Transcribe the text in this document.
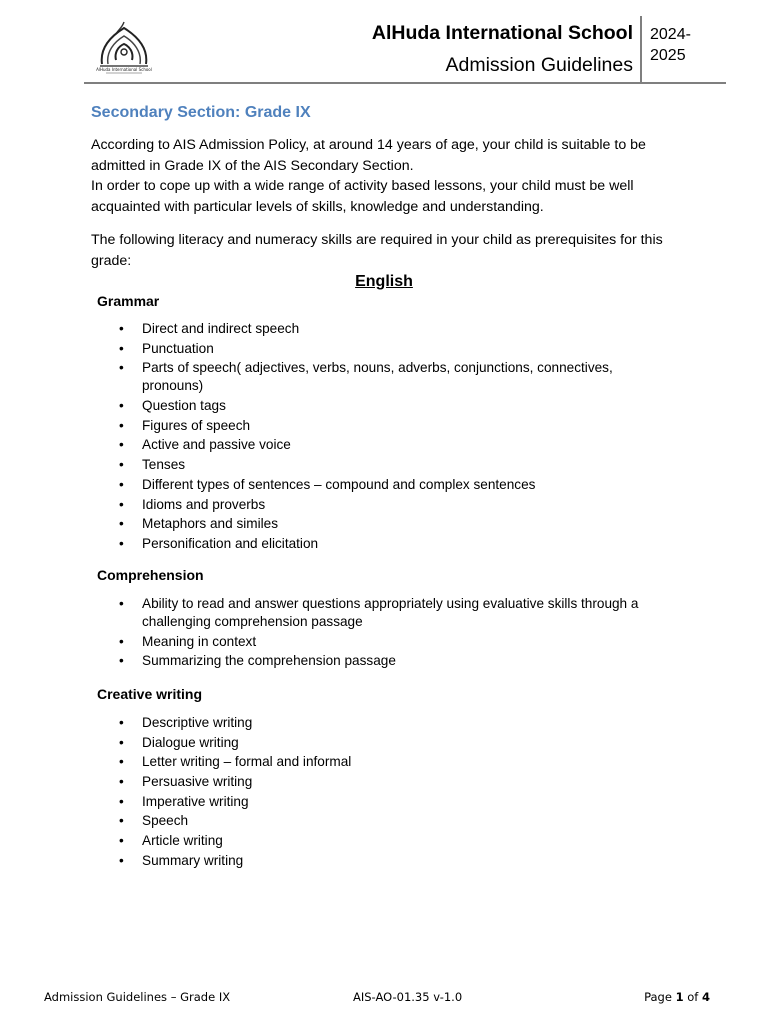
AlHuda International School
AlHuda International School
Admission Guidelines
2024-
2025
Secondary Section: Grade IX
According to AIS Admission Policy, at around 14 years of age, your child is suitable to be admitted in Grade IX of the AIS Secondary Section.
In order to cope up with a wide range of activity based lessons, your child must be well acquainted with particular levels of skills, knowledge and understanding.
The following literacy and numeracy skills are required in your child as prerequisites for this grade:
English
Grammar
• Direct and indirect speech
• Punctuation
• Parts of speech( adjectives, verbs, nouns, adverbs, conjunctions, connectives, pronouns)
• Question tags
• Figures of speech
• Active and passive voice
• Tenses
• Different types of sentences – compound and complex sentences
• Idioms and proverbs
• Metaphors and similes
• Personification and elicitation
Comprehension
• Ability to read and answer questions appropriately using evaluative skills through a challenging comprehension passage
• Meaning in context
• Summarizing the comprehension passage
Creative writing
• Descriptive writing
• Dialogue writing
• Letter writing – formal and informal
• Persuasive writing
• Imperative writing
• Speech
• Article writing
• Summary writing
Admission Guidelines – Grade IX	AIS-AO-01.35 v-1.0	Page 1 of 4
